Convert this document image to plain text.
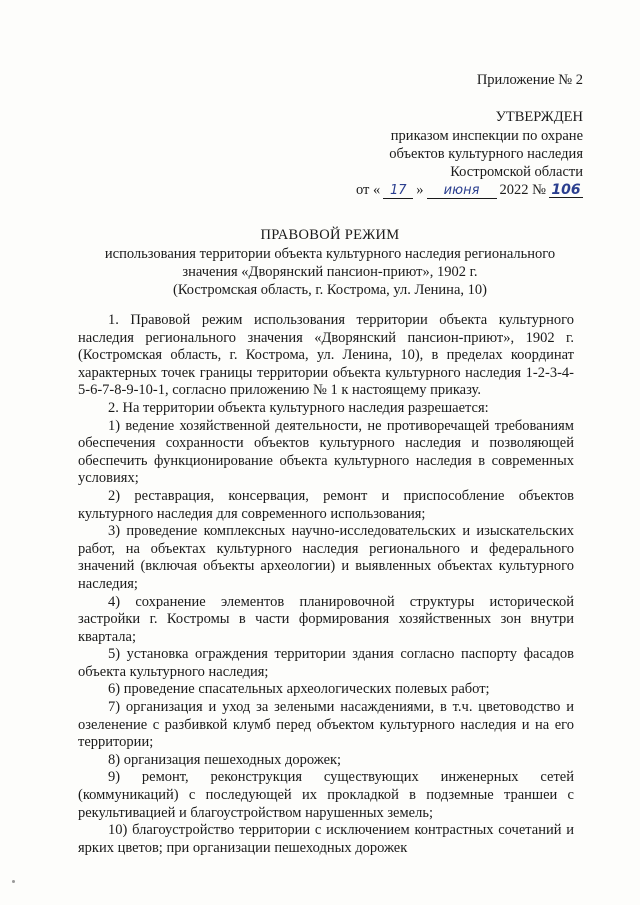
Приложение № 2
УТВЕРЖДЕН
приказом инспекции по охране
объектов культурного наследия
Костромской области
от « 17 »	июня	2022 № 106
ПРАВОВОЙ РЕЖИМ
использования территории объекта культурного наследия регионального
значения «Дворянский пансион-приют», 1902 г.
(Костромская область, г. Кострома, ул. Ленина, 10)

1. Правовой режим использования территории объекта культурного наследия регионального значения «Дворянский пансион-приют», 1902 г. (Костромская область, г. Кострома, ул. Ленина, 10), в пределах координат характерных точек границы территории объекта культурного наследия 1-2-3-4-5-6-7-8-9-10-1, согласно приложению № 1 к настоящему приказу.

2. На территории объекта культурного наследия разрешается:

1) ведение хозяйственной деятельности, не противоречащей требованиям обеспечения сохранности объектов культурного наследия и позволяющей обеспечить функционирование объекта культурного наследия в современных условиях;

2) реставрация, консервация, ремонт и приспособление объектов культурного наследия для современного использования;

3) проведение комплексных научно-исследовательских и изыскательских работ, на объектах культурного наследия регионального и федерального значений (включая объекты археологии) и выявленных объектах культурного наследия;

4) сохранение элементов планировочной структуры исторической застройки г. Костромы в части формирования хозяйственных зон внутри квартала;

5) установка ограждения территории здания согласно паспорту фасадов объекта культурного наследия;

6) проведение спасательных археологических полевых работ;

7) организация и уход за зелеными насаждениями, в т.ч. цветоводство и озеленение с разбивкой клумб перед объектом культурного наследия и на его территории;

8) организация пешеходных дорожек;

9) ремонт, реконструкция существующих инженерных сетей (коммуникаций) с последующей их прокладкой в подземные траншеи с рекультивацией и благоустройством нарушенных земель;

10) благоустройство территории с исключением контрастных сочетаний и ярких цветов; при организации пешеходных дорожек
